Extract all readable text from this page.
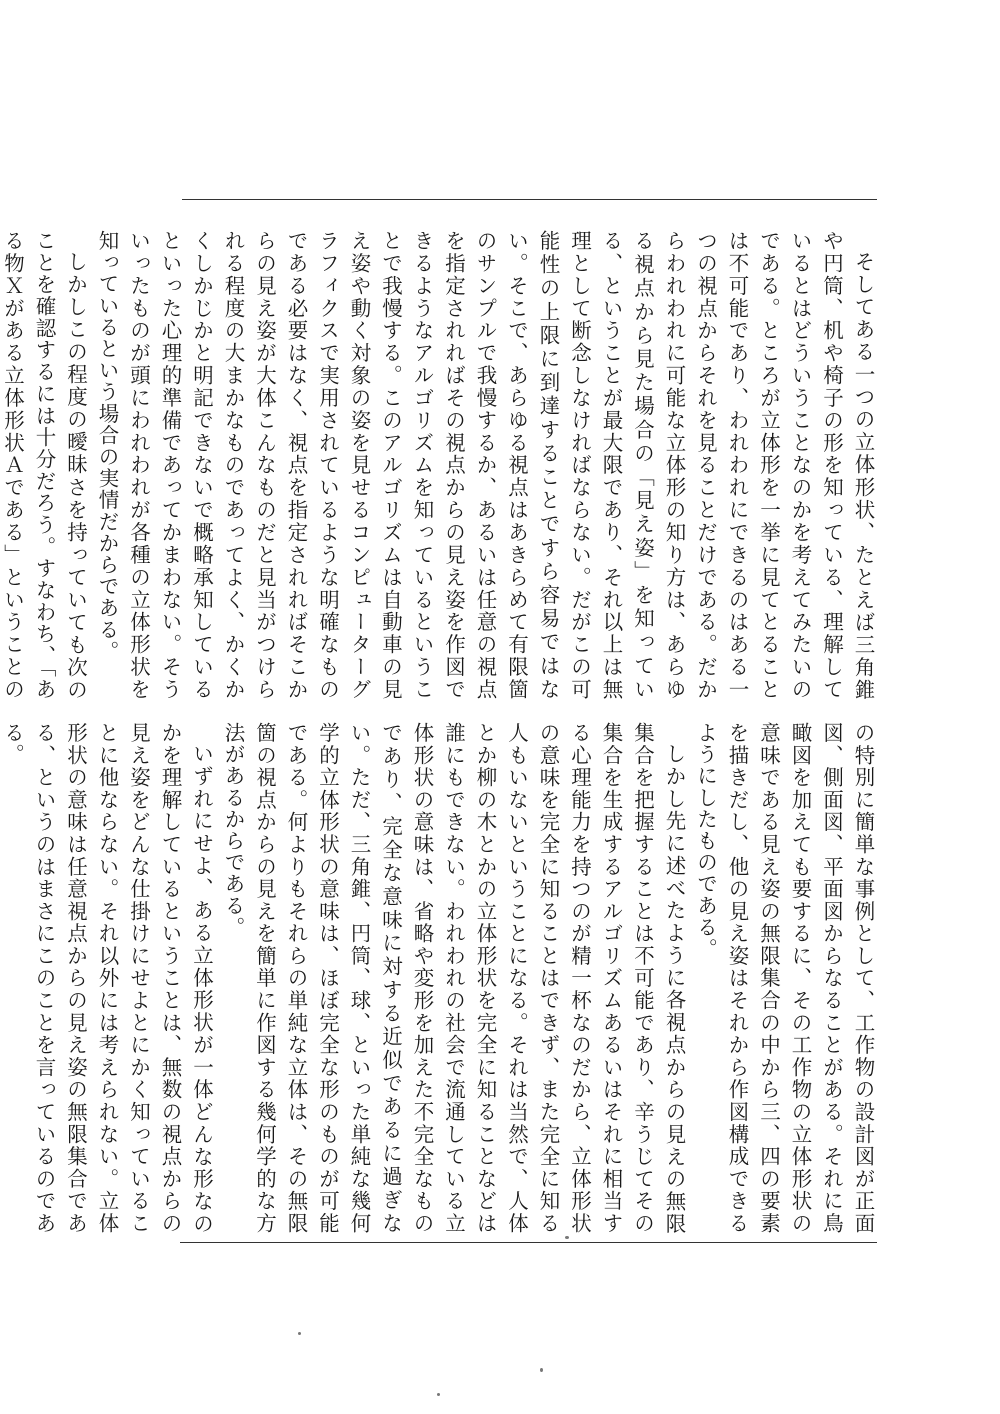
そしてある一つの立体形状、たとえば三角錐や円筒、机や椅子の形を知っている、理解しているとはどういうことなのかを考えてみたいのである。ところが立体形を一挙に見てとることは不可能であり、われわれにできるのはある一つの視点からそれを見ることだけである。だからわれわれに可能な立体形の知り方は、あらゆる視点から見た場合の「見え姿」を知っている、ということが最大限であり、それ以上は無理として断念しなければならない。だがこの可能性の上限に到達することですら容易ではない。そこで、あらゆる視点はあきらめて有限箇のサンプルで我慢するか、あるいは任意の視点を指定されればその視点からの見え姿を作図できるようなアルゴリズムを知っているということで我慢する。このアルゴリズムは自動車の見え姿や動く対象の姿を見せるコンピューターグラフィクスで実用されているような明確なものである必要はなく、視点を指定されればそこからの見え姿が大体こんなものだと見当がつけられる程度の大まかなものであってよく、かくかくしかじかと明記できないで概略承知しているといった心理的準備であってかまわない。そういったものが頭にわれわれが各種の立体形状を知っているという場合の実情だからである。

しかしこの程度の曖昧さを持っていても次のことを確認するには十分だろう。すなわち、「ある物Ｘがある立体形状Ａである」ということの

の特別に簡単な事例として、工作物の設計図が正面図、側面図、平面図からなることがある。それに鳥瞰図を加えても要するに、その工作物の立体形状の意味である見え姿の無限集合の中から三、四の要素を描きだし、他の見え姿はそれから作図構成できるようにしたものである。

しかし先に述べたように各視点からの見えの無限集合を把握することは不可能であり、辛うじてその集合を生成するアルゴリズムあるいはそれに相当する心理能力を持つのが精一杯なのだから、立体形状の意味を完全に知ることはできず、また完全に知る人もいないということになる。それは当然で、人体とか柳の木とかの立体形状を完全に知ることなどは誰にもできない。われわれの社会で流通している立体形状の意味は、省略や変形を加えた不完全なものであり、完全な意味に対する近似であるに過ぎない。ただ、三角錐、円筒、球、といった単純な幾何学的立体形状の意味は、ほぼ完全な形のものが可能である。何よりもそれらの単純な立体は、その無限箇の視点からの見えを簡単に作図する幾何学的な方法があるからである。

いずれにせよ、ある立体形状が一体どんな形なのかを理解しているということは、無数の視点からの見え姿をどんな仕掛けにせよとにかく知っていることに他ならない。それ以外には考えられない。立体形状の意味は任意視点からの見え姿の無限集合である、というのはまさにこのことを言っているのである。
